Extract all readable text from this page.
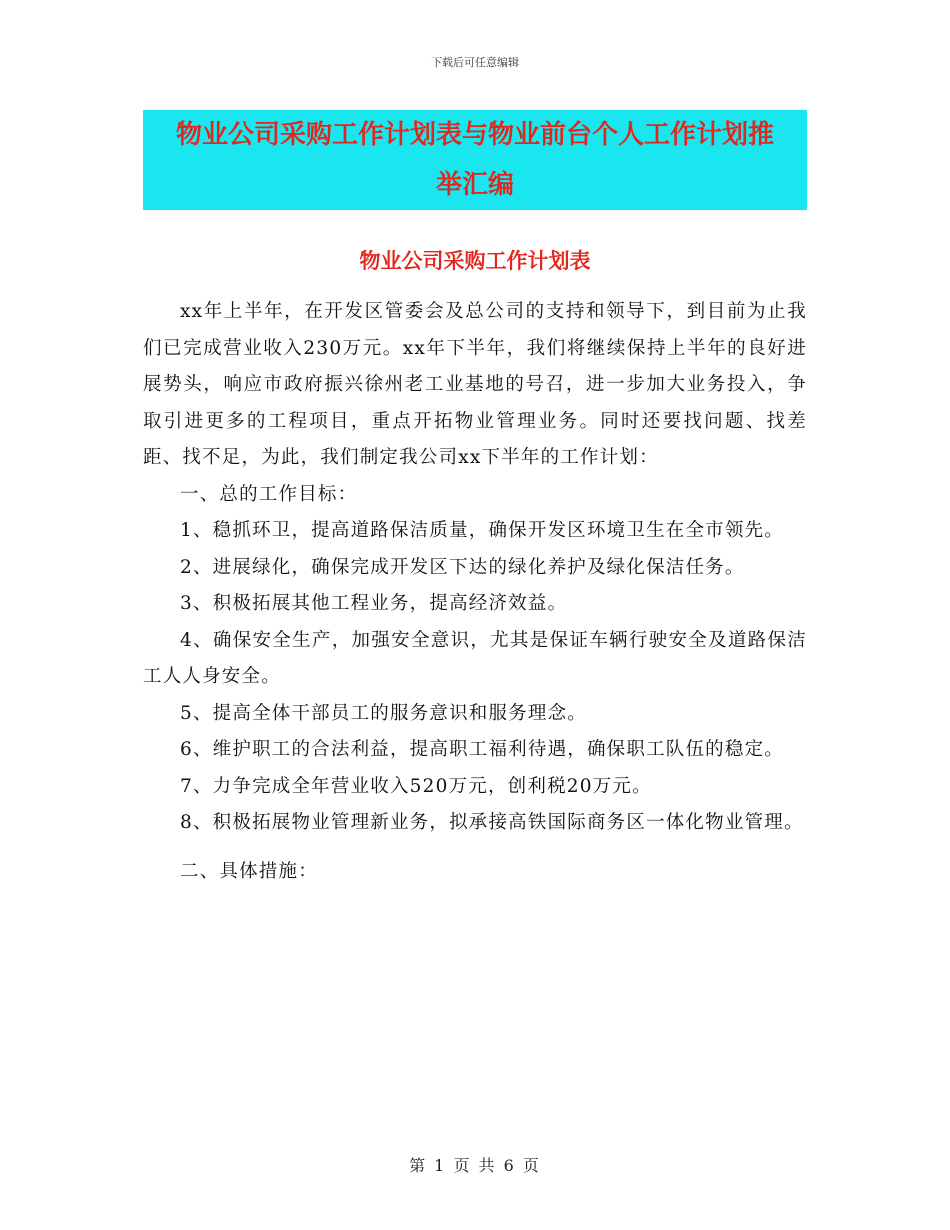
下载后可任意编辑
物业公司采购工作计划表与物业前台个人工作计划推
举汇编
物业公司采购工作计划表

xx年上半年，在开发区管委会及总公司的支持和领导下，到目前为止我们已完成营业收入230万元。xx年下半年，我们将继续保持上半年的良好进展势头，响应市政府振兴徐州老工业基地的号召，进一步加大业务投入，争取引进更多的工程项目，重点开拓物业管理业务。同时还要找问题、找差距、找不足，为此，我们制定我公司xx下半年的工作计划：

一、总的工作目标：

1、稳抓环卫，提高道路保洁质量，确保开发区环境卫生在全市领先。

2、进展绿化，确保完成开发区下达的绿化养护及绿化保洁任务。

3、积极拓展其他工程业务，提高经济效益。

4、确保安全生产，加强安全意识，尤其是保证车辆行驶安全及道路保洁工人人身安全。

5、提高全体干部员工的服务意识和服务理念。

6、维护职工的合法利益，提高职工福利待遇，确保职工队伍的稳定。

7、力争完成全年营业收入520万元，创利税20万元。

8、积极拓展物业管理新业务，拟承接高铁国际商务区一体化物业管理。

二、具体措施：

第 1 页 共 6 页
